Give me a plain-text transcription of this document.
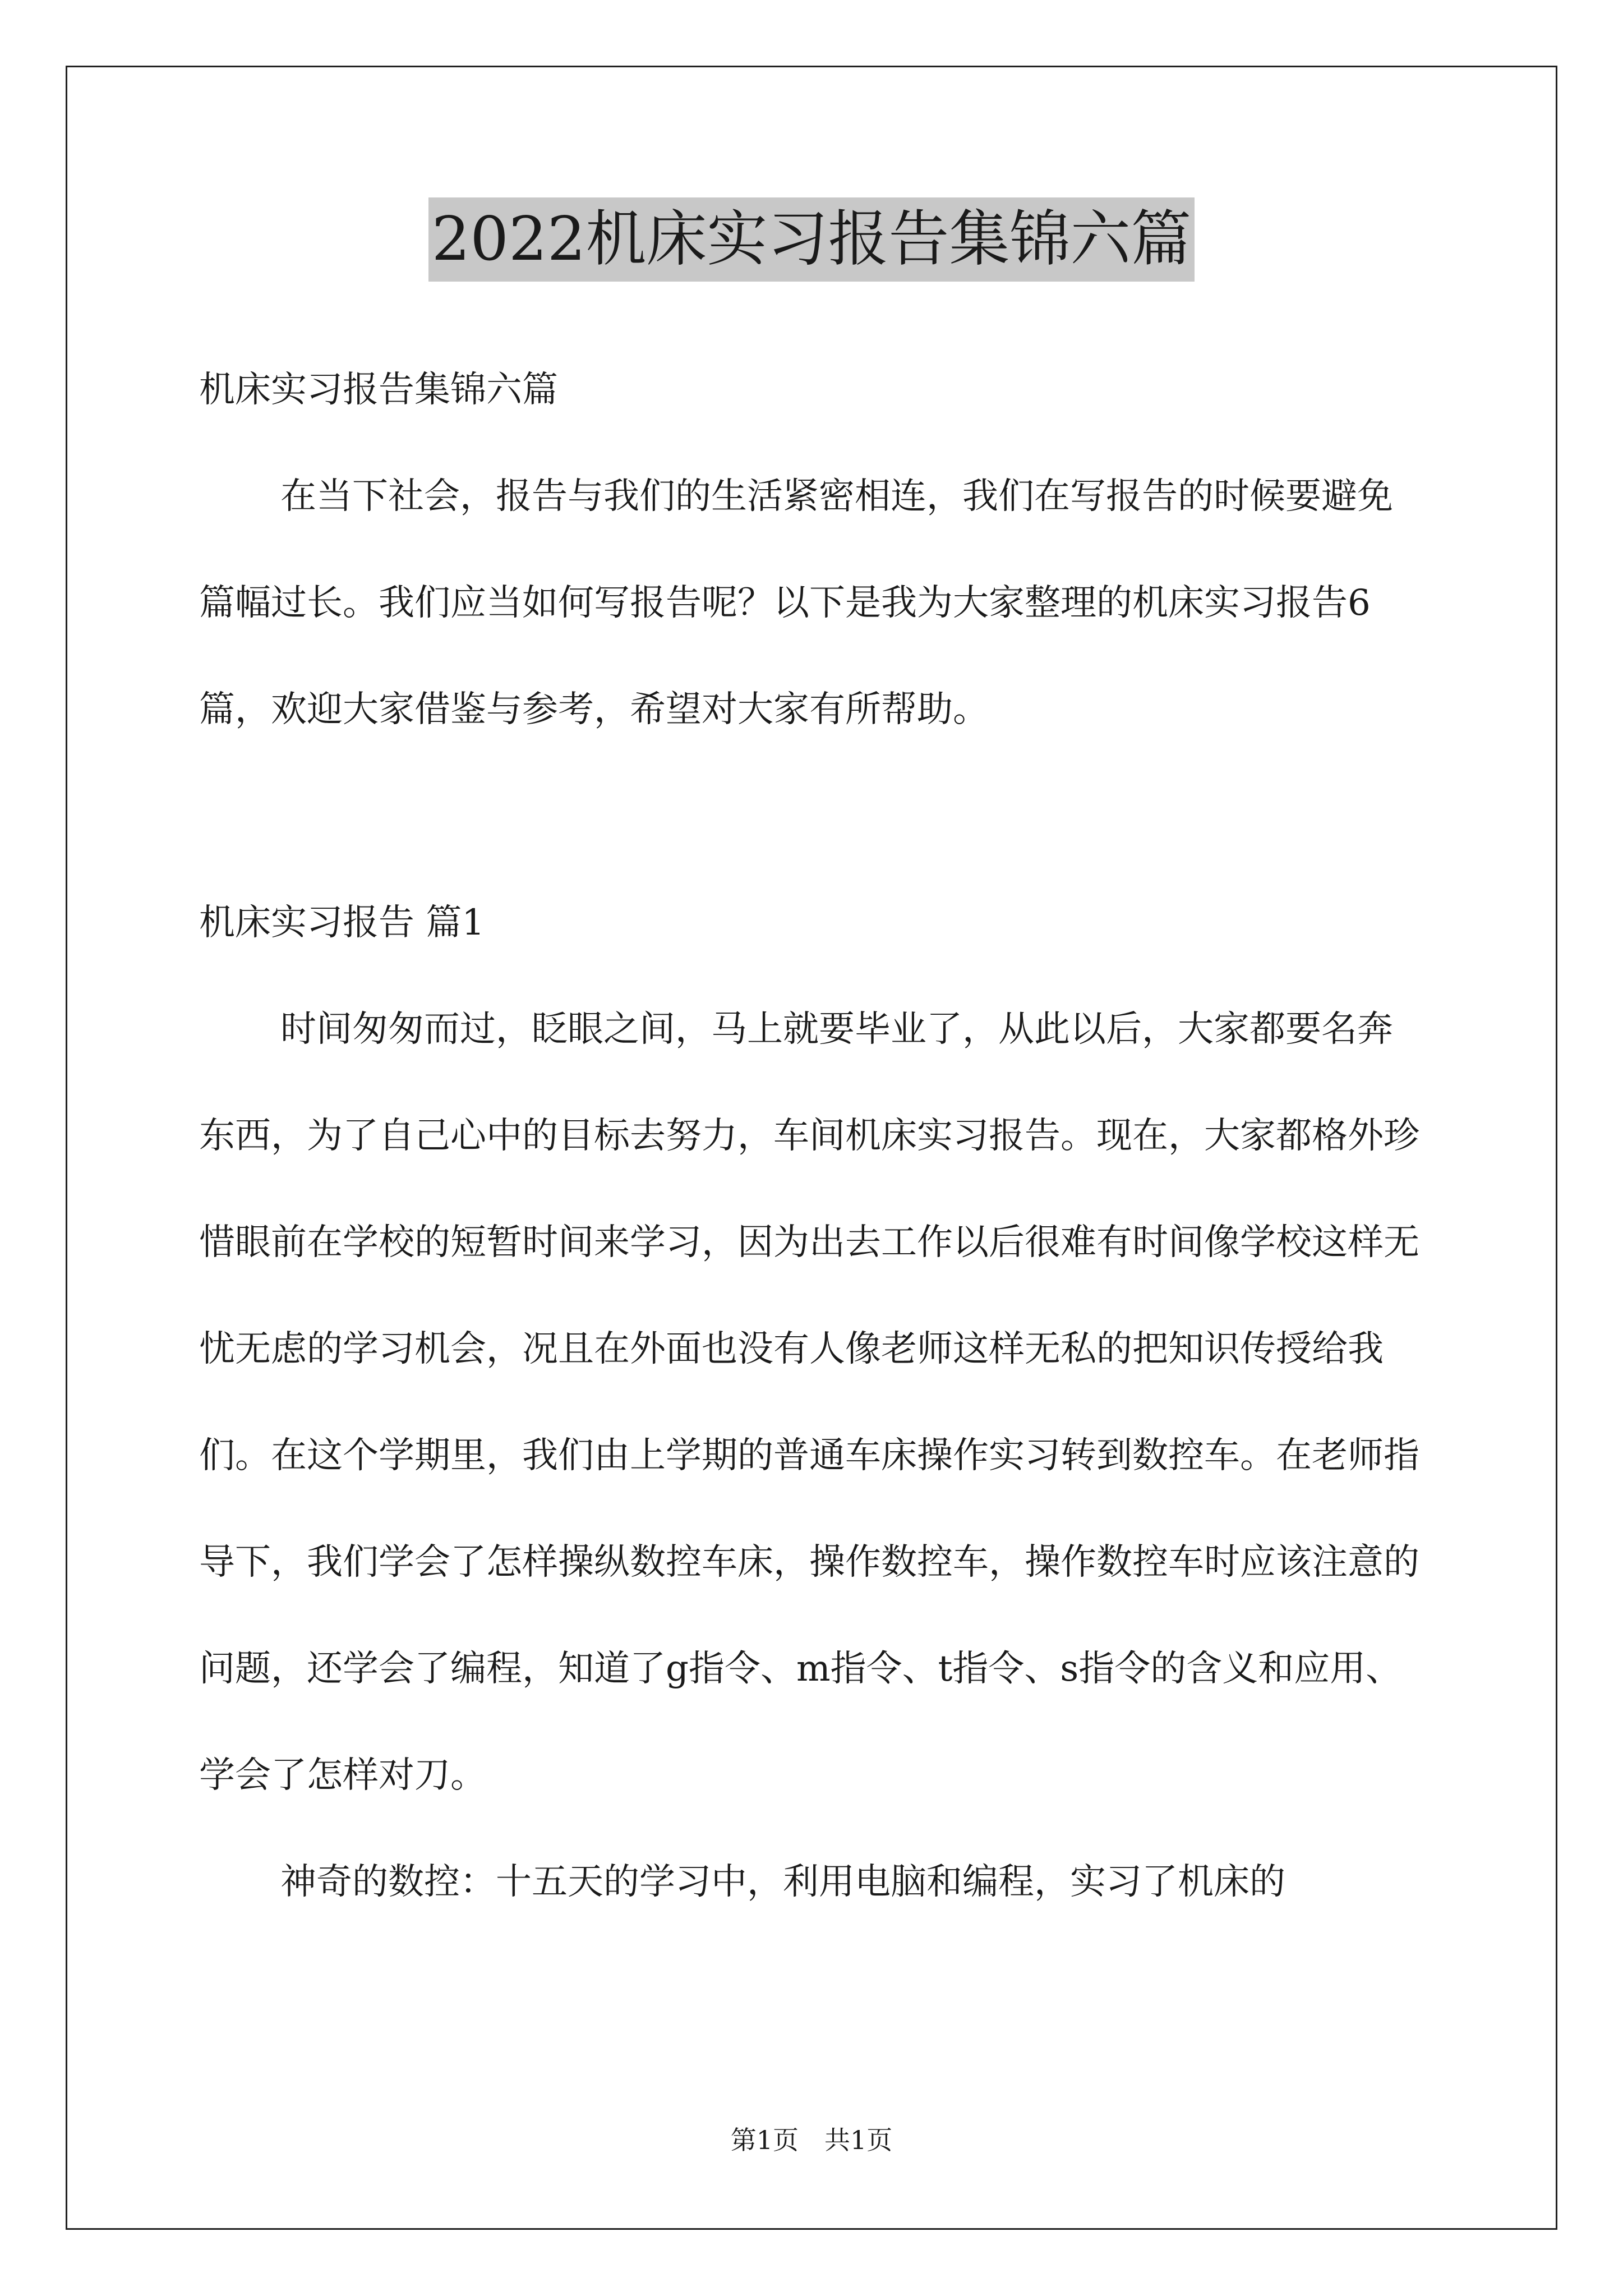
2022机床实习报告集锦六篇

机床实习报告集锦六篇

在当下社会，报告与我们的生活紧密相连，我们在写报告的时候要避免篇幅过长。我们应当如何写报告呢？以下是我为大家整理的机床实习报告6篇，欢迎大家借鉴与参考，希望对大家有所帮助。

机床实习报告 篇1

时间匆匆而过，眨眼之间，马上就要毕业了，从此以后，大家都要名奔东西，为了自己心中的目标去努力，车间机床实习报告。现在，大家都格外珍惜眼前在学校的短暂时间来学习，因为出去工作以后很难有时间像学校这样无忧无虑的学习机会，况且在外面也没有人像老师这样无私的把知识传授给我们。在这个学期里，我们由上学期的普通车床操作实习转到数控车。在老师指导下，我们学会了怎样操纵数控车床，操作数控车，操作数控车时应该注意的问题，还学会了编程，知道了g指令、m指令、t指令、s指令的含义和应用、学会了怎样对刀。

神奇的数控：十五天的学习中，利用电脑和编程，实习了机床的

第1页　共1页
